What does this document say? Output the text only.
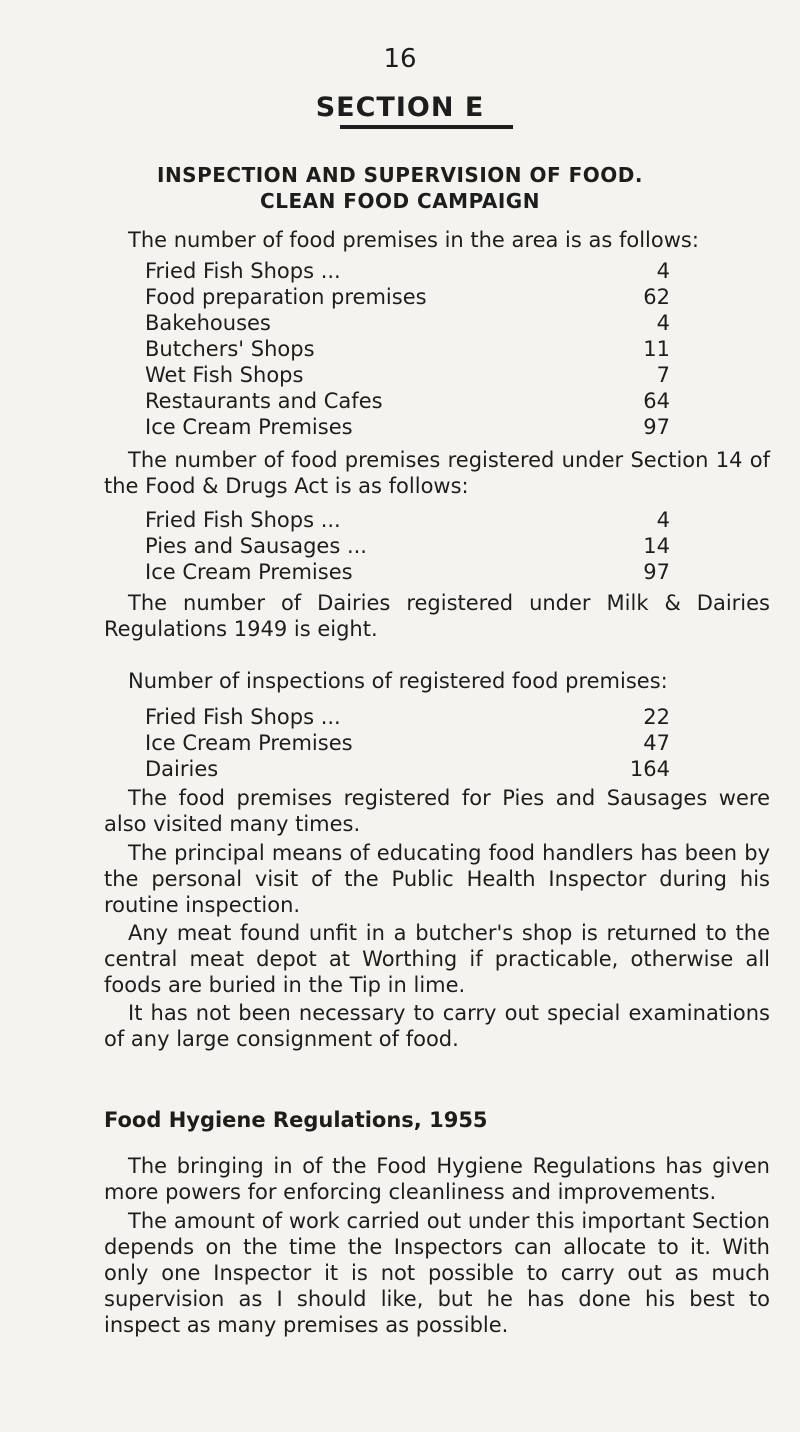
16
SECTION E
INSPECTION AND SUPERVISION OF FOOD.
CLEAN FOOD CAMPAIGN
The number of food premises in the area is as follows:
Fried Fish Shops ...	4
Food preparation premises	62
Bakehouses	4
Butchers' Shops	11
Wet Fish Shops	7
Restaurants and Cafes	64
Ice Cream Premises	97
The number of food premises registered under Section 14 of the Food & Drugs Act is as follows:
Fried Fish Shops ...	4
Pies and Sausages ...	14
Ice Cream Premises	97
The number of Dairies registered under Milk & Dairies Regulations 1949 is eight.
Number of inspections of registered food premises:
Fried Fish Shops ...	22
Ice Cream Premises	47
Dairies	164
The food premises registered for Pies and Sausages were also visited many times.
The principal means of educating food handlers has been by the personal visit of the Public Health Inspector during his routine inspection.
Any meat found unfit in a butcher's shop is returned to the central meat depot at Worthing if practicable, otherwise all foods are buried in the Tip in lime.
It has not been necessary to carry out special examinations of any large consignment of food.
Food Hygiene Regulations, 1955
The bringing in of the Food Hygiene Regulations has given more powers for enforcing cleanliness and improvements.
The amount of work carried out under this important Section depends on the time the Inspectors can allocate to it. With only one Inspector it is not possible to carry out as much supervision as I should like, but he has done his best to inspect as many premises as possible.
